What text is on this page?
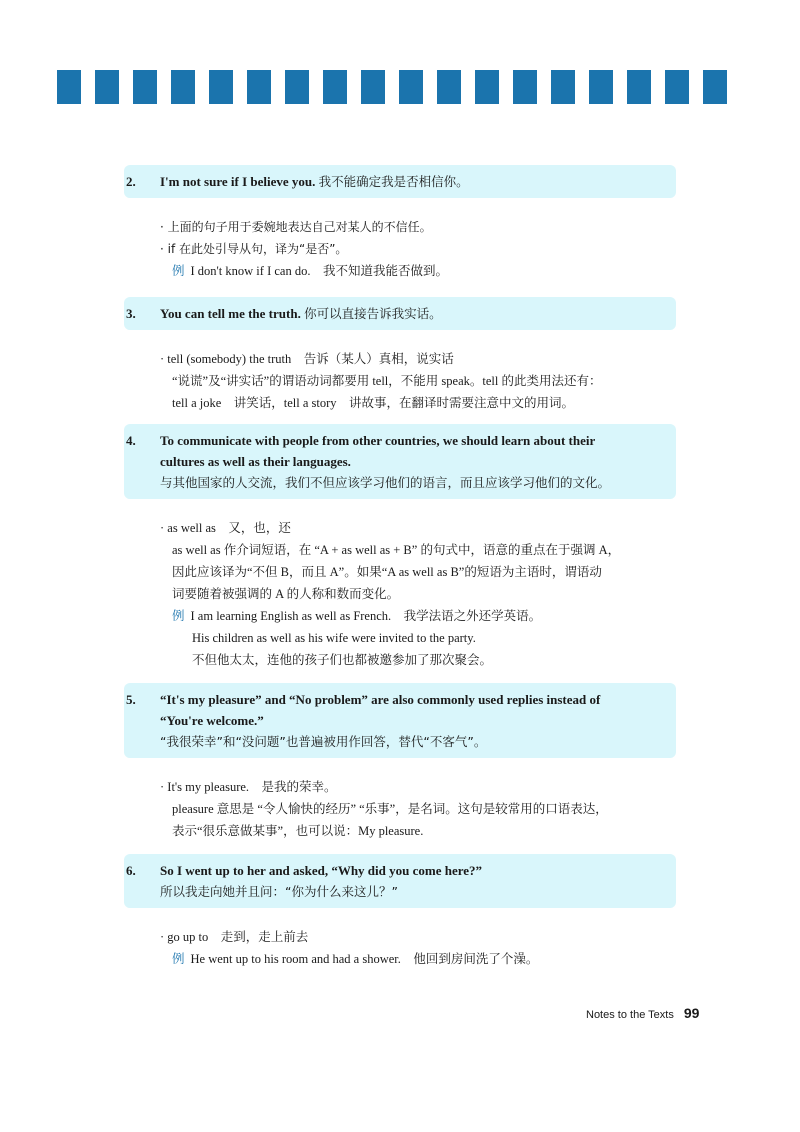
2. I'm not sure if I believe you. 我不能确定我是否相信你。
· 上面的句子用于委婉地表达自己对某人的不信任。
· if 在此处引导从句，译为“是否”。
例 I don't know if I can do.　我不知道我能否做到。
3. You can tell me the truth. 你可以直接告诉我实话。
· tell (somebody) the truth　告诉（某人）真相，说实话
“说谎”及“讲实话”的谓语动词都要用 tell，不能用 speak。tell 的此类用法还有：
tell a joke　讲笑话，tell a story　讲故事，在翻译时需要注意中文的用词。
4. To communicate with people from other countries, we should learn about their
cultures as well as their languages.
与其他国家的人交流，我们不但应该学习他们的语言，而且应该学习他们的文化。
· as well as　又，也，还
as well as 作介词短语，在 “A + as well as + B” 的句式中，语意的重点在于强调 A，
因此应该译为“不但 B，而且 A”。如果“A as well as B”的短语为主语时，谓语动
词要随着被强调的 A 的人称和数而变化。
例 I am learning English as well as French.　我学法语之外还学英语。
His children as well as his wife were invited to the party.
不但他太太，连他的孩子们也都被邀参加了那次聚会。
5. “It's my pleasure” and “No problem” are also commonly used replies instead of
“You're welcome.”
“我很荣幸”和“没问题”也普遍被用作回答，替代“不客气”。
· It's my pleasure.　是我的荣幸。
pleasure 意思是 “令人愉快的经历” “乐事”，是名词。这句是较常用的口语表达，
表示“很乐意做某事”，也可以说：My pleasure.
6. So I went up to her and asked, “Why did you come here?”
所以我走向她并且问：“你为什么来这儿？”
· go up to　走到，走上前去
例 He went up to his room and had a shower.　他回到房间洗了个澡。
Notes to the Texts 99
